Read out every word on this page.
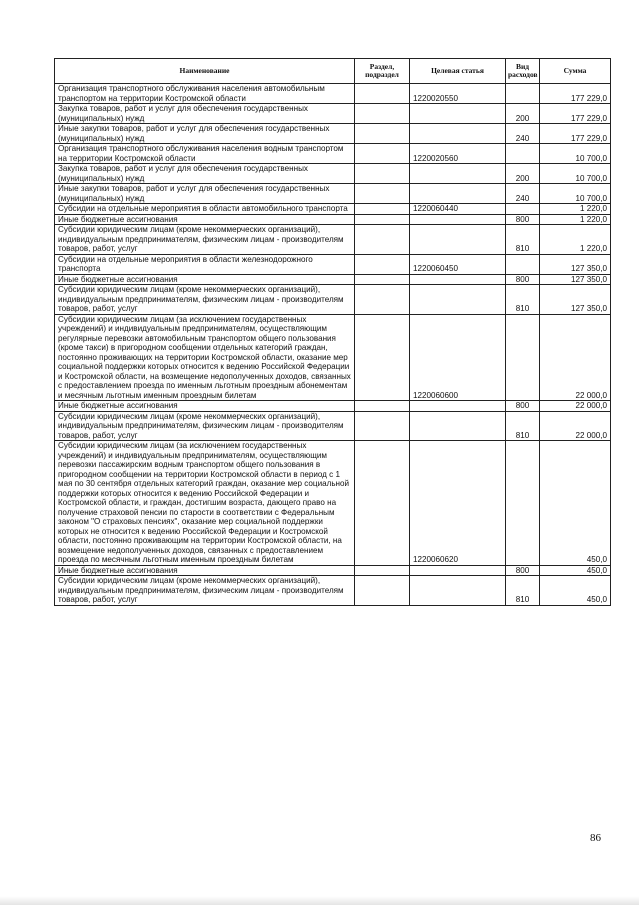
Наименование	Раздел, подраздел	Целевая статья	Вид расходов	Сумма
Организация транспортного обслуживания населения автомобильным транспортом на территории Костромской области		1220020550		177 229,0
Закупка товаров, работ и услуг для обеспечения государственных (муниципальных) нужд			200	177 229,0
Иные закупки товаров, работ и услуг для обеспечения государственных (муниципальных) нужд			240	177 229,0
Организация транспортного обслуживания населения водным транспортом на территории Костромской области		1220020560		10 700,0
Закупка товаров, работ и услуг для обеспечения государственных (муниципальных) нужд			200	10 700,0
Иные закупки товаров, работ и услуг для обеспечения государственных (муниципальных) нужд			240	10 700,0
Субсидии на отдельные мероприятия в области автомобильного транспорта		1220060440		1 220,0
Иные бюджетные ассигнования			800	1 220,0
Субсидии юридическим лицам (кроме некоммерческих организаций), индивидуальным предпринимателям, физическим лицам - производителям товаров, работ, услуг			810	1 220,0
Субсидии на отдельные мероприятия в области железнодорожного транспорта		1220060450		127 350,0
Иные бюджетные ассигнования			800	127 350,0
Субсидии юридическим лицам (кроме некоммерческих организаций), индивидуальным предпринимателям, физическим лицам - производителям товаров, работ, услуг			810	127 350,0
Субсидии юридическим лицам (за исключением государственных учреждений) и индивидуальным предпринимателям, осуществляющим регулярные перевозки автомобильным транспортом общего пользования (кроме такси) в пригородном сообщении отдельных категорий граждан, постоянно проживающих на территории Костромской области, оказание мер социальной поддержки которых относится к ведению Российской Федерации и Костромской области, на возмещение недополученных доходов, связанных с предоставлением проезда по именным льготным проездным абонементам и месячным льготным именным проездным билетам		1220060600		22 000,0
Иные бюджетные ассигнования			800	22 000,0
Субсидии юридическим лицам (кроме некоммерческих организаций), индивидуальным предпринимателям, физическим лицам - производителям товаров, работ, услуг			810	22 000,0
Субсидии юридическим лицам (за исключением государственных учреждений) и индивидуальным предпринимателям, осуществляющим перевозки пассажирским водным транспортом общего пользования в пригородном сообщении на территории Костромской области в период с 1 мая по 30 сентября отдельных категорий граждан, оказание мер социальной поддержки которых относится к ведению Российской Федерации и Костромской области, и граждан, достигшим возраста, дающего право на получение страховой пенсии по старости в соответствии с Федеральным законом "О страховых пенсиях", оказание мер социальной поддержки которых не относится к ведению Российской Федерации и Костромской области, постоянно проживающим на территории Костромской области, на возмещение недополученных доходов, связанных с предоставлением проезда по месячным льготным именным проездным билетам		1220060620		450,0
Иные бюджетные ассигнования			800	450,0
Субсидии юридическим лицам (кроме некоммерческих организаций), индивидуальным предпринимателям, физическим лицам - производителям товаров, работ, услуг			810	450,0
86
